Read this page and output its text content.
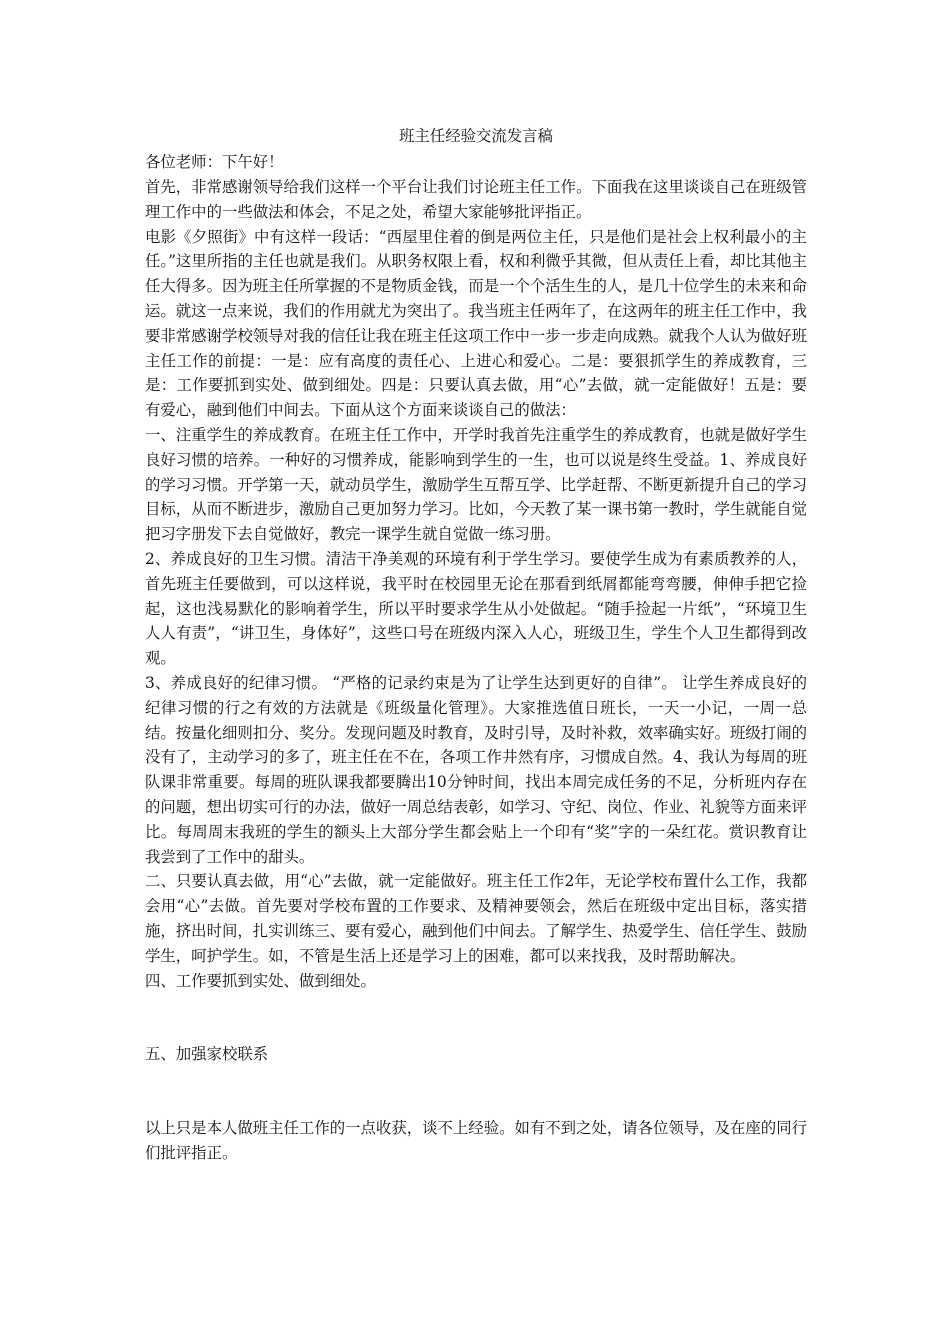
班主任经验交流发言稿

各位老师：下午好！

首先，非常感谢领导给我们这样一个平台让我们讨论班主任工作。下面我在这里谈谈自己在班级管理工作中的一些做法和体会，不足之处，希望大家能够批评指正。

电影《夕照街》中有这样一段话：“西屋里住着的倒是两位主任，只是他们是社会上权利最小的主任。”这里所指的主任也就是我们。从职务权限上看，权和利微乎其微，但从责任上看，却比其他主任大得多。因为班主任所掌握的不是物质金钱，而是一个个活生生的人，是几十位学生的未来和命运。就这一点来说，我们的作用就尤为突出了。我当班主任两年了，在这两年的班主任工作中，我要非常感谢学校领导对我的信任让我在班主任这项工作中一步一步走向成熟。就我个人认为做好班主任工作的前提：一是：应有高度的责任心、上进心和爱心。二是：要狠抓学生的养成教育，三是：工作要抓到实处、做到细处。四是：只要认真去做，用“心”去做，就一定能做好！五是：要有爱心，融到他们中间去。下面从这个方面来谈谈自己的做法：

一、注重学生的养成教育。在班主任工作中，开学时我首先注重学生的养成教育，也就是做好学生良好习惯的培养。一种好的习惯养成，能影响到学生的一生，也可以说是终生受益。1、养成良好的学习习惯。开学第一天，就动员学生，激励学生互帮互学、比学赶帮、不断更新提升自己的学习目标，从而不断进步，激励自己更加努力学习。比如，今天教了某一课书第一教时，学生就能自觉把习字册发下去自觉做好，教完一课学生就自觉做一练习册。

2、养成良好的卫生习惯。清洁干净美观的环境有利于学生学习。要使学生成为有素质教养的人，首先班主任要做到，可以这样说，我平时在校园里无论在那看到纸屑都能弯弯腰，伸伸手把它捡起，这也浅易默化的影响着学生，所以平时要求学生从小处做起。“随手捡起一片纸”，“环境卫生人人有责”，“讲卫生，身体好”，这些口号在班级内深入人心，班级卫生，学生个人卫生都得到改观。

3、养成良好的纪律习惯。 “严格的记录约束是为了让学生达到更好的自律”。 让学生养成良好的纪律习惯的行之有效的方法就是《班级量化管理》。大家推选值日班长，一天一小记，一周一总结。按量化细则扣分、奖分。发现问题及时教育，及时引导，及时补救，效率确实好。班级打闹的没有了，主动学习的多了，班主任在不在，各项工作井然有序，习惯成自然。4、我认为每周的班队课非常重要。每周的班队课我都要腾出10分钟时间，找出本周完成任务的不足，分析班内存在的问题，想出切实可行的办法，做好一周总结表彰，如学习、守纪、岗位、作业、礼貌等方面来评比。每周周末我班的学生的额头上大部分学生都会贴上一个印有“奖”字的一朵红花。赏识教育让我尝到了工作中的甜头。

二、只要认真去做，用“心”去做，就一定能做好。班主任工作2年，无论学校布置什么工作，我都会用“心”去做。首先要对学校布置的工作要求、及精神要领会，然后在班级中定出目标，落实措施，挤出时间，扎实训练三、要有爱心，融到他们中间去。了解学生、热爱学生、信任学生、鼓励学生，呵护学生。如，不管是生活上还是学习上的困难，都可以来找我，及时帮助解决。

四、工作要抓到实处、做到细处。

五、加强家校联系

以上只是本人做班主任工作的一点收获，谈不上经验。如有不到之处，请各位领导，及在座的同行们批评指正。
